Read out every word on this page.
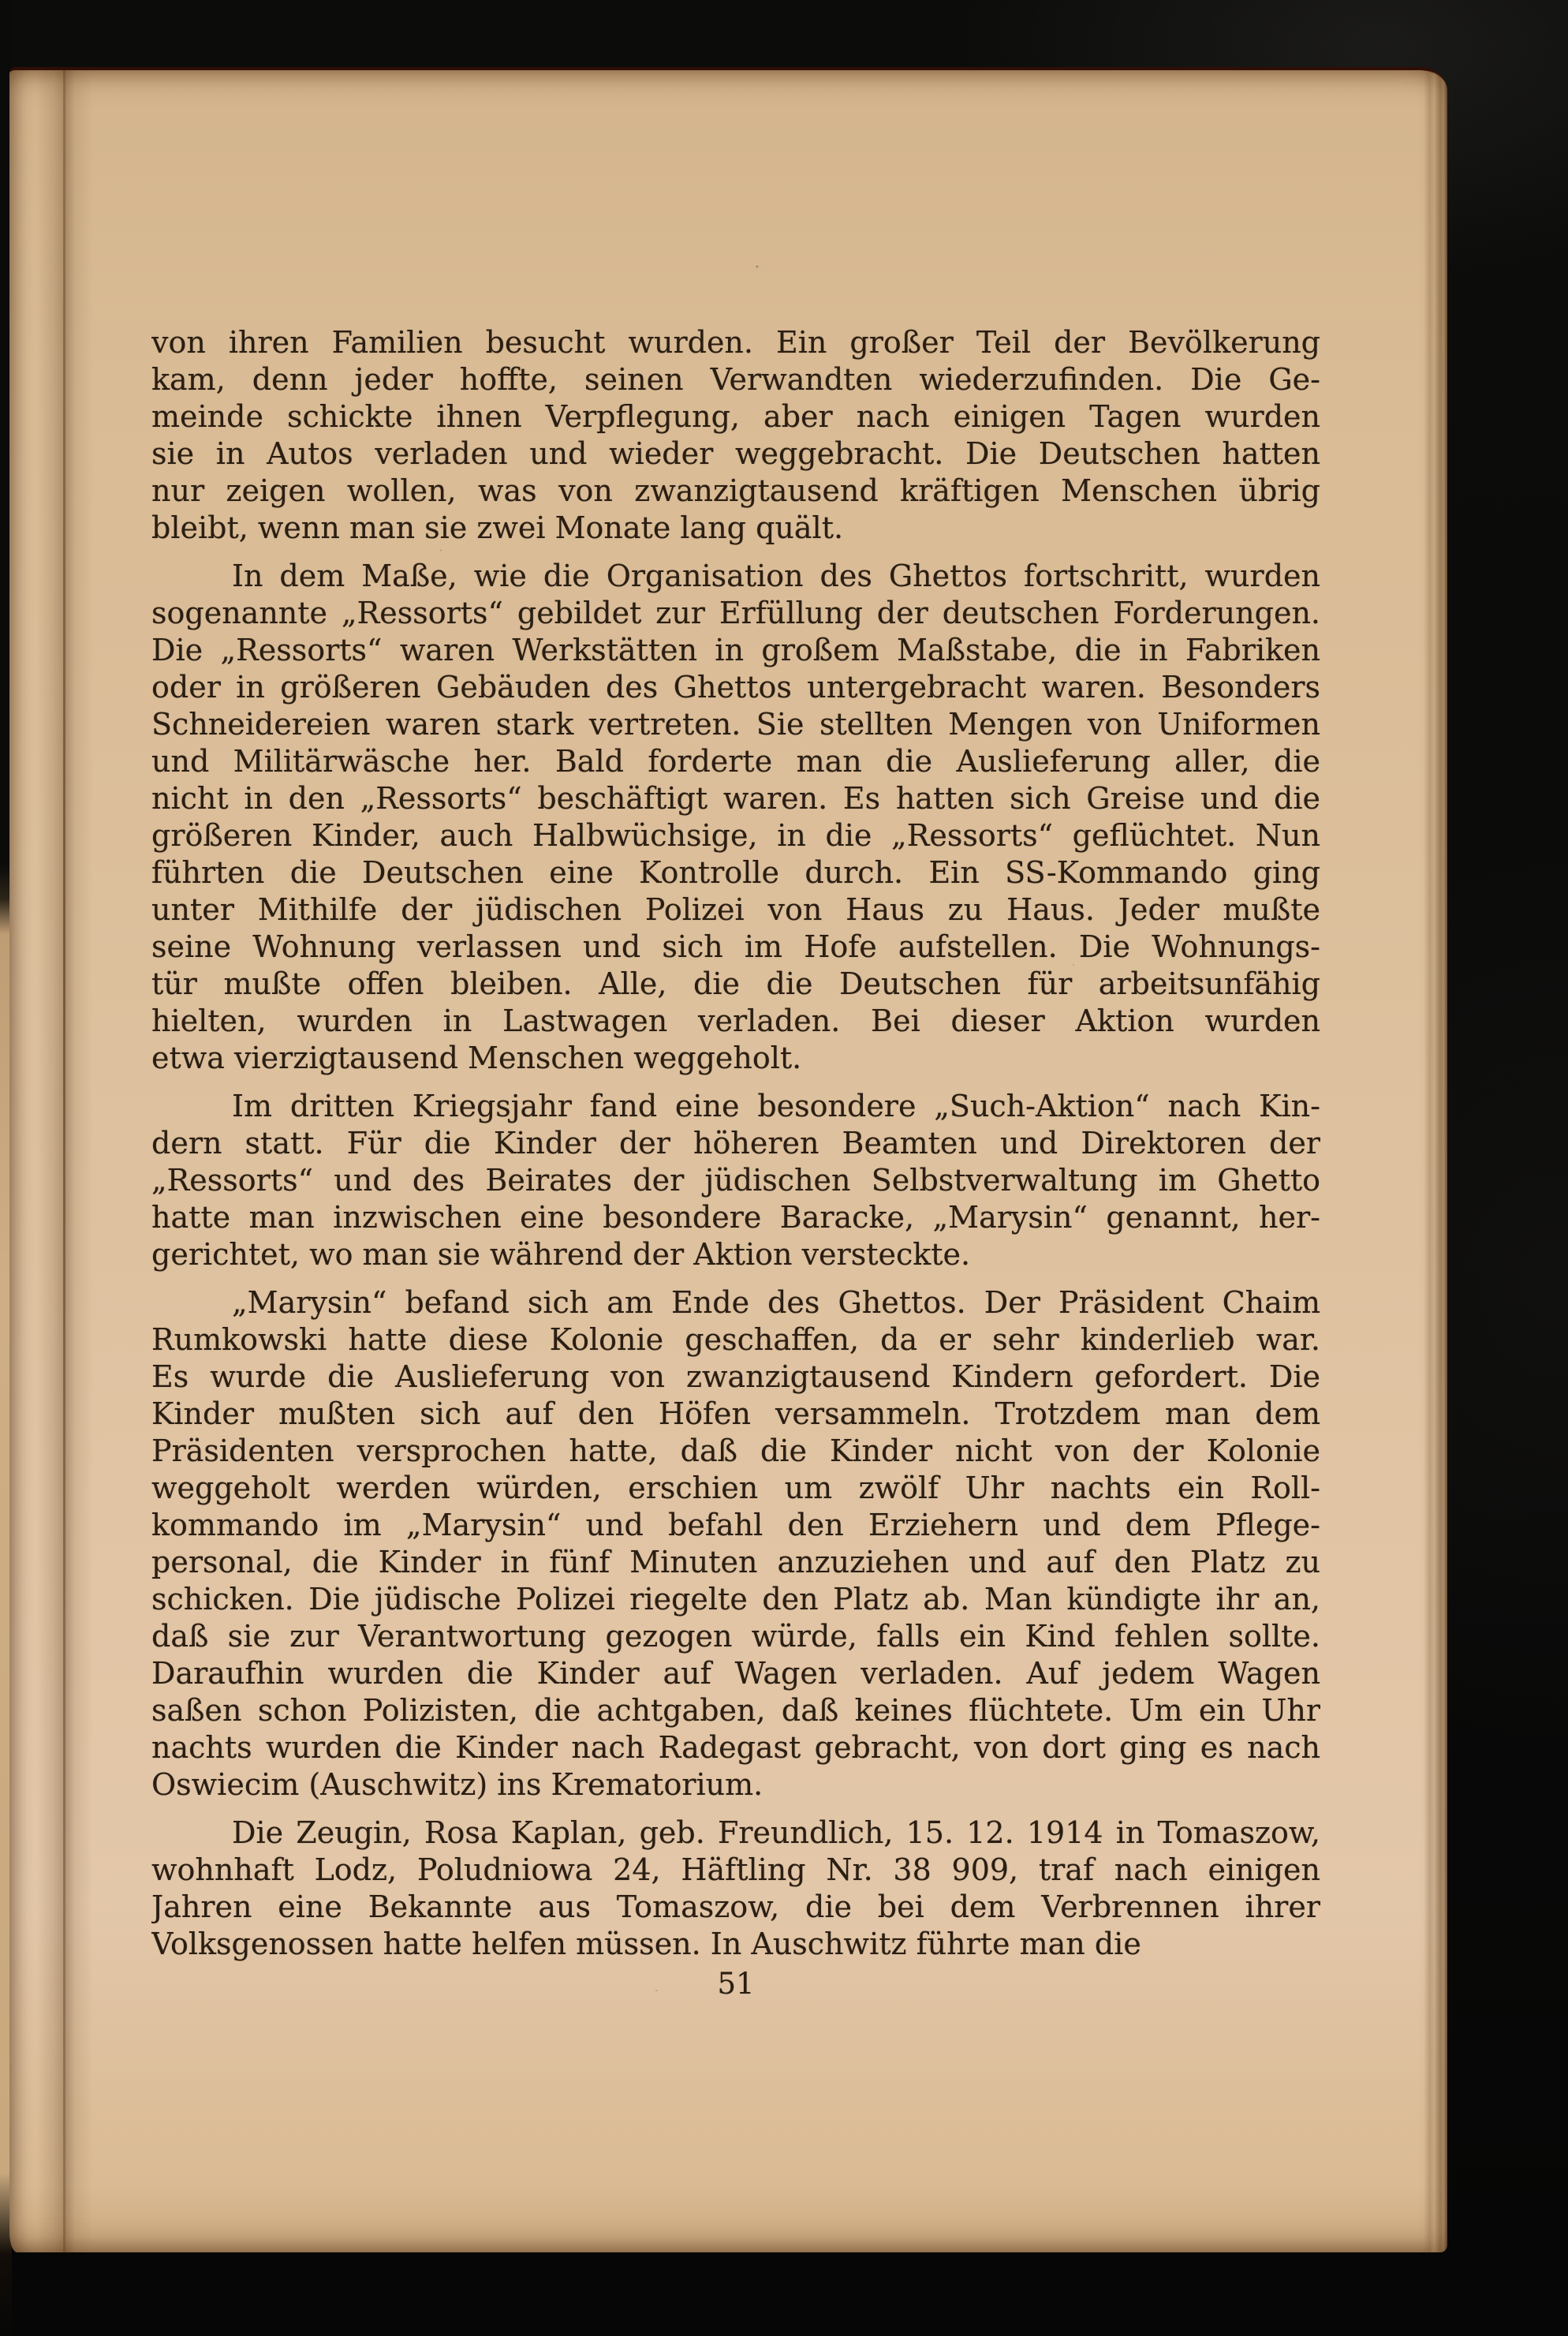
von ihren Familien besucht wurden. Ein großer Teil der Bevölkerung
kam, denn jeder hoffte, seinen Verwandten wiederzufinden. Die Ge-
meinde schickte ihnen Verpflegung, aber nach einigen Tagen wurden
sie in Autos verladen und wieder weggebracht. Die Deutschen hatten
nur zeigen wollen, was von zwanzigtausend kräftigen Menschen übrig
bleibt, wenn man sie zwei Monate lang quält.
In dem Maße, wie die Organisation des Ghettos fortschritt, wurden
sogenannte „Ressorts“ gebildet zur Erfüllung der deutschen Forderungen.
Die „Ressorts“ waren Werkstätten in großem Maßstabe, die in Fabriken
oder in größeren Gebäuden des Ghettos untergebracht waren. Besonders
Schneidereien waren stark vertreten. Sie stellten Mengen von Uniformen
und Militärwäsche her. Bald forderte man die Auslieferung aller, die
nicht in den „Ressorts“ beschäftigt waren. Es hatten sich Greise und die
größeren Kinder, auch Halbwüchsige, in die „Ressorts“ geflüchtet. Nun
führten die Deutschen eine Kontrolle durch. Ein SS-Kommando ging
unter Mithilfe der jüdischen Polizei von Haus zu Haus. Jeder mußte
seine Wohnung verlassen und sich im Hofe aufstellen. Die Wohnungs-
tür mußte offen bleiben. Alle, die die Deutschen für arbeitsunfähig
hielten, wurden in Lastwagen verladen. Bei dieser Aktion wurden
etwa vierzigtausend Menschen weggeholt.
Im dritten Kriegsjahr fand eine besondere „Such-Aktion“ nach Kin-
dern statt. Für die Kinder der höheren Beamten und Direktoren der
„Ressorts“ und des Beirates der jüdischen Selbstverwaltung im Ghetto
hatte man inzwischen eine besondere Baracke, „Marysin“ genannt, her-
gerichtet, wo man sie während der Aktion versteckte.
„Marysin“ befand sich am Ende des Ghettos. Der Präsident Chaim
Rumkowski hatte diese Kolonie geschaffen, da er sehr kinderlieb war.
Es wurde die Auslieferung von zwanzigtausend Kindern gefordert. Die
Kinder mußten sich auf den Höfen versammeln. Trotzdem man dem
Präsidenten versprochen hatte, daß die Kinder nicht von der Kolonie
weggeholt werden würden, erschien um zwölf Uhr nachts ein Roll-
kommando im „Marysin“ und befahl den Erziehern und dem Pflege-
personal, die Kinder in fünf Minuten anzuziehen und auf den Platz zu
schicken. Die jüdische Polizei riegelte den Platz ab. Man kündigte ihr an,
daß sie zur Verantwortung gezogen würde, falls ein Kind fehlen sollte.
Daraufhin wurden die Kinder auf Wagen verladen. Auf jedem Wagen
saßen schon Polizisten, die achtgaben, daß keines flüchtete. Um ein Uhr
nachts wurden die Kinder nach Radegast gebracht, von dort ging es nach
Oswiecim (Auschwitz) ins Krematorium.
Die Zeugin, Rosa Kaplan, geb. Freundlich, 15. 12. 1914 in Tomaszow,
wohnhaft Lodz, Poludniowa 24, Häftling Nr. 38 909, traf nach einigen
Jahren eine Bekannte aus Tomaszow, die bei dem Verbrennen ihrer
Volksgenossen hatte helfen müssen. In Auschwitz führte man die
51
